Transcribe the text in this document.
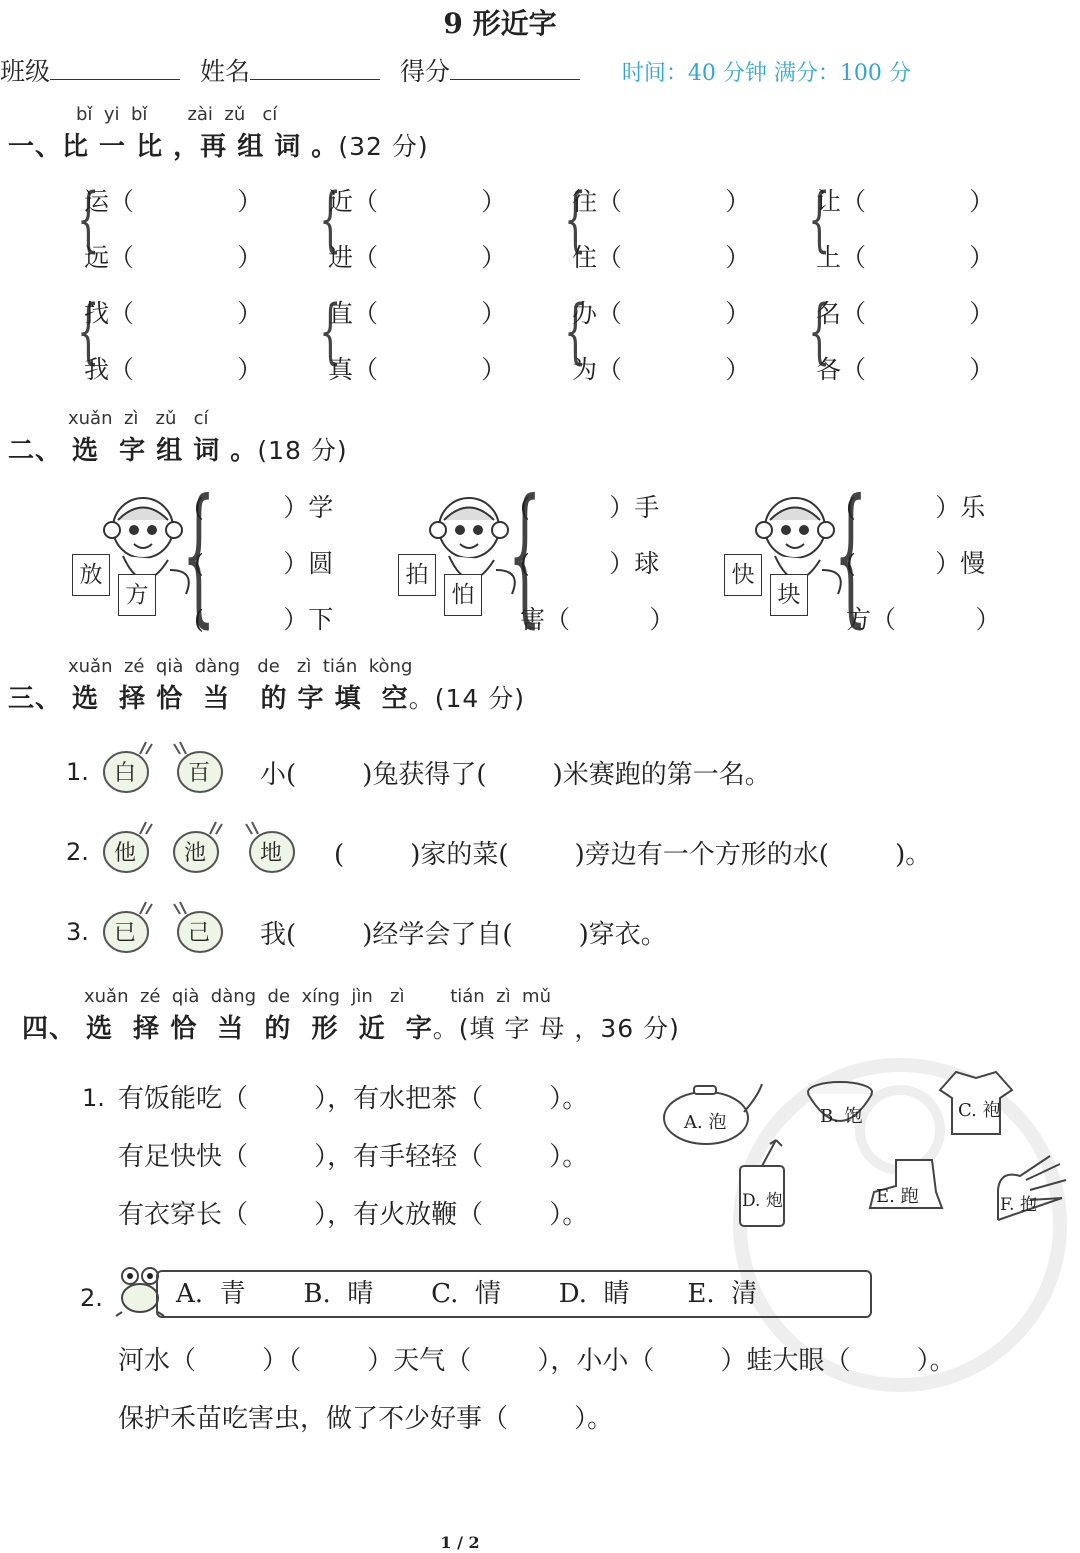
9 形近字
班级	姓名	得分	时间：40 分钟 满分：100 分
bǐ  yi  bǐ       zài  zǔ   cí
一、比 一 比 ，再 组 词 。(32 分)
{	{	{	{
{	{	{	{
运（             ）	近（             ）	往（             ）	让（             ）
远（             ）	进（             ）	住（             ）	上（             ）
找（             ）	直（             ）	办（             ）	名（             ）
我（             ）	真（             ）	为（             ）	各（             ）
xuǎn  zì   zǔ   cí
二、 选  字 组 词 。(18 分)
放
方 {
(          ）学
(          ）圆
(          ）下
拍
怕 {
(          ）手
(          ）球
害（          ）
快
块 {
(          ）乐
(          ）慢
方（          ）
xuǎn  zé  qià  dàng   de   zì  tián  kòng
三、 选  择 恰  当   的 字 填  空。(14 分)
1. 白 百 小(        )兔获得了(        )米赛跑的第一名。
2. 他 池 地 (        )家的菜(        )旁边有一个方形的水(        )。
3. 已 己 我(        )经学会了自(        )穿衣。
xuǎn  zé  qià  dàng  de  xíng  jìn   zì        tián  zì  mǔ
四、 选  择 恰  当  的  形  近  字。(填 字 母 ，36 分)
1. 有饭能吃（        ），有水把茶（        ）。
有足快快（        ），有手轻轻（        ）。
有衣穿长（        ），有火放鞭（        ）。
A. 泡	B. 饱	C. 袍
D. 炮	E. 跑	F. 抱
2.	A.  青       B.  晴       C.  情       D.  睛       E.  清
河水（        ）（        ）天气（        ），小小（        ）蛙大眼（        ）。
保护禾苗吃害虫，做了不少好事（        ）。
1 / 2
